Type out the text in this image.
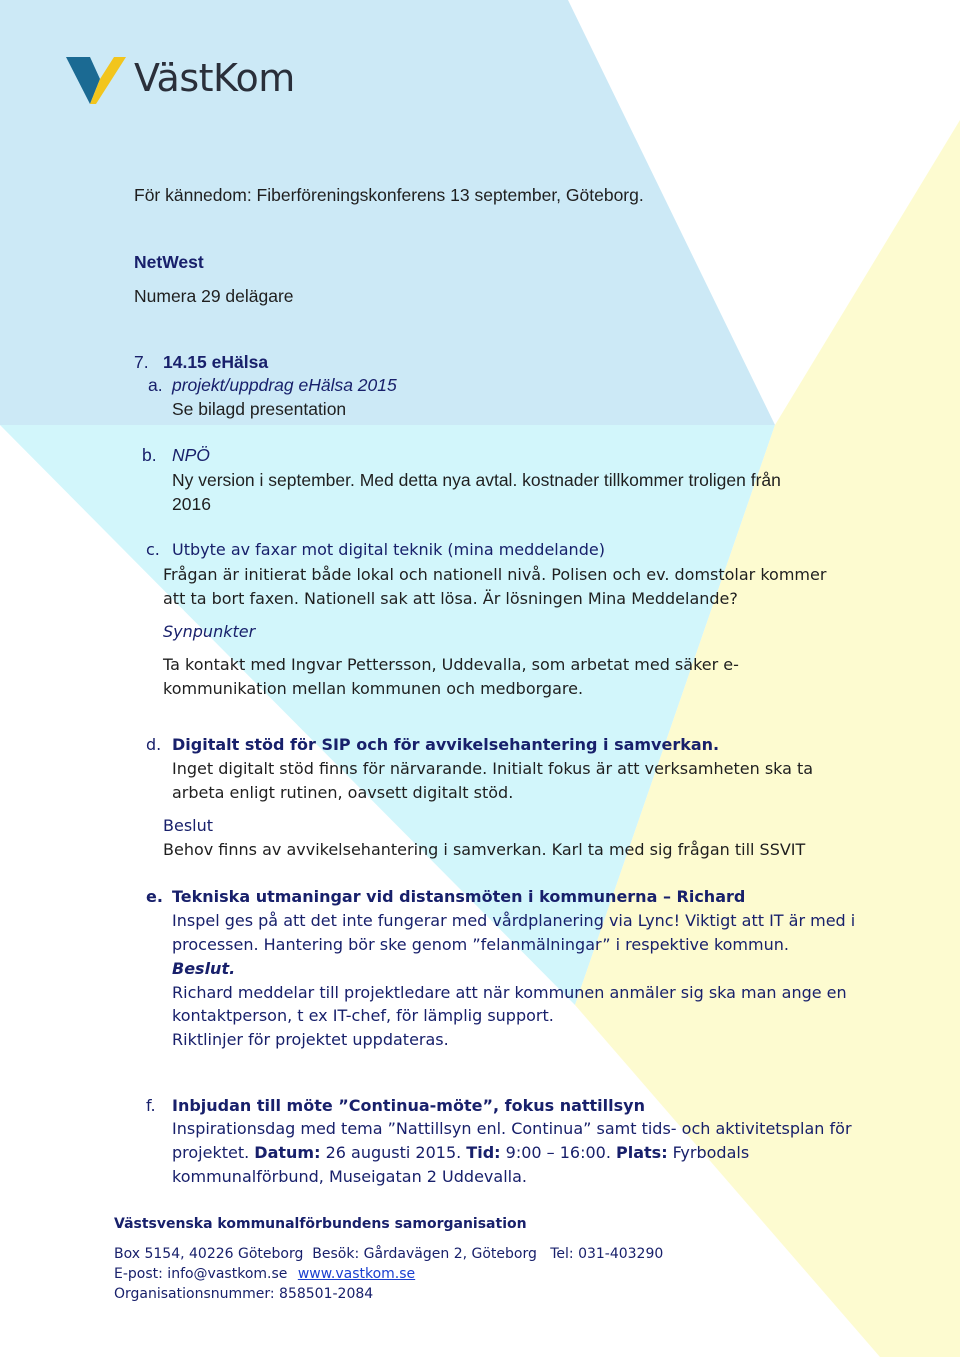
VästKom
För kännedom: Fiberföreningskonferens 13 september, Göteborg.
NetWest
Numera 29 delägare
7. 14.15 eHälsa
a. projekt/uppdrag eHälsa 2015
Se bilagd presentation
b. NPÖ
Ny version i september. Med detta nya avtal. kostnader tillkommer troligen från
2016
c. Utbyte av faxar mot digital teknik (mina meddelande)
Frågan är initierat både lokal och nationell nivå. Polisen och ev. domstolar kommer
att ta bort faxen. Nationell sak att lösa. Är lösningen Mina Meddelande?
Synpunkter
Ta kontakt med Ingvar Pettersson, Uddevalla, som arbetat med säker e-
kommunikation mellan kommunen och medborgare.
d. Digitalt stöd för SIP och för avvikelsehantering i samverkan.
Inget digitalt stöd finns för närvarande. Initialt fokus är att verksamheten ska ta
arbeta enligt rutinen, oavsett digitalt stöd.
Beslut
Behov finns av avvikelsehantering i samverkan. Karl ta med sig frågan till SSVIT
e. Tekniska utmaningar vid distansmöten i kommunerna – Richard
Inspel ges på att det inte fungerar med vårdplanering via Lync! Viktigt att IT är med i
processen. Hantering bör ske genom ”felanmälningar” i respektive kommun.
Beslut.
Richard meddelar till projektledare att när kommunen anmäler sig ska man ange en
kontaktperson, t ex IT-chef, för lämplig support.
Riktlinjer för projektet uppdateras.
f. Inbjudan till möte ”Continua-möte”, fokus nattillsyn
Inspirationsdag med tema ”Nattillsyn enl. Continua” samt tids- och aktivitetsplan för
projektet. Datum: 26 augusti 2015. Tid: 9:00 – 16:00. Plats: Fyrbodals
kommunalförbund, Museigatan 2 Uddevalla.
Västsvenska kommunalförbundens samorganisation
Box 5154, 40226 Göteborg  Besök: Gårdavägen 2, Göteborg   Tel: 031-403290
E-post: info@vastkom.se www.vastkom.se
Organisationsnummer: 858501-2084
